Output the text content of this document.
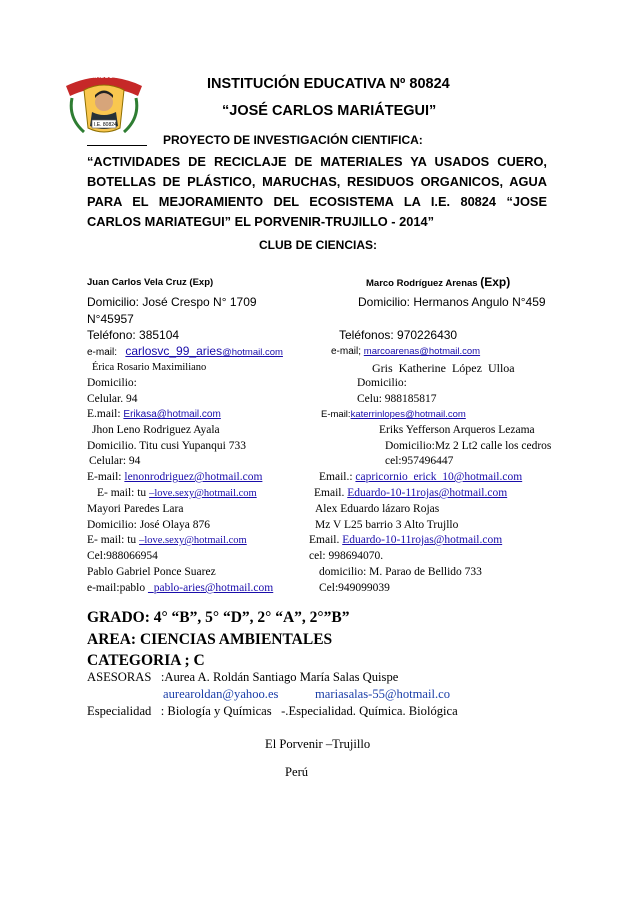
JOSE CARLOS MARIATEGUI
I.E. 80824
INSTITUCIÓN EDUCATIVA Nº 80824
“JOSÉ CARLOS MARIÁTEGUI”
PROYECTO DE INVESTIGACIÓN CIENTIFICA:
“ACTIVIDADES DE RECICLAJE DE MATERIALES YA USADOS CUERO, BOTELLAS DE PLÁSTICO, MARUCHAS, RESIDUOS ORGANICOS, AGUA PARA EL MEJORAMIENTO DEL ECOSISTEMA LA I.E. 80824 “JOSE CARLOS MARIATEGUI” EL PORVENIR-TRUJILLO - 2014”
CLUB DE CIENCIAS:
Juan Carlos Vela Cruz (Exp)	Marco Rodríguez Arenas (Exp)
Domicilio: José Crespo N° 1709	Domicilio: Hermanos Angulo N°459
N°45957
Teléfono: 385104	Teléfonos: 970226430
e-mail: carlosvc_99_aries@hotmail.com	e-mail; marcoarenas@hotmail.com
Érica Rosario Maximiliano	Gris Katherine López Ulloa
Domicilio:	Domicilio:
Celular. 94	Celu: 988185817
E.mail: Erikasa@hotmail.com	E-mail:katerrinlopes@hotmail.com
Jhon Leno Rodriguez Ayala	Eriks Yefferson Arqueros Lezama
Domicilio. Titu cusi Yupanqui 733	Domicilio:Mz 2 Lt2 calle los cedros
Celular: 94	cel:957496447
E-mail: lenonrodriguez@hotmail.com	Email.: capricornio_erick_10@hotmail.com
E- mail: tu –love.sexy@hotmail.com	Email. Eduardo-10-11rojas@hotmail.com
Mayori Paredes Lara	Alex Eduardo lázaro Rojas
Domicilio: José Olaya 876	Mz V L25 barrio 3 Alto Trujllo
E- mail: tu –love.sexy@hotmail.com	Email. Eduardo-10-11rojas@hotmail.com
Cel:988066954	cel: 998694070.
Pablo Gabriel Ponce Suarez	domicilio: M. Parao de Bellido 733
e-mail:pablo _pablo-aries@hotmail.com	Cel:949099039
GRADO: 4° “B”, 5° “D”, 2° “A”, 2°”B”
AREA: CIENCIAS AMBIENTALES
CATEGORIA ; C
ASESORAS :Aurea A. Roldán Santiago María Salas Quispe
aurearoldan@yahoo.es	mariasalas-55@hotmail.co
Especialidad   : Biología y Químicas   -.Especialidad. Química. Biológica
El Porvenir –Trujillo
Perú
